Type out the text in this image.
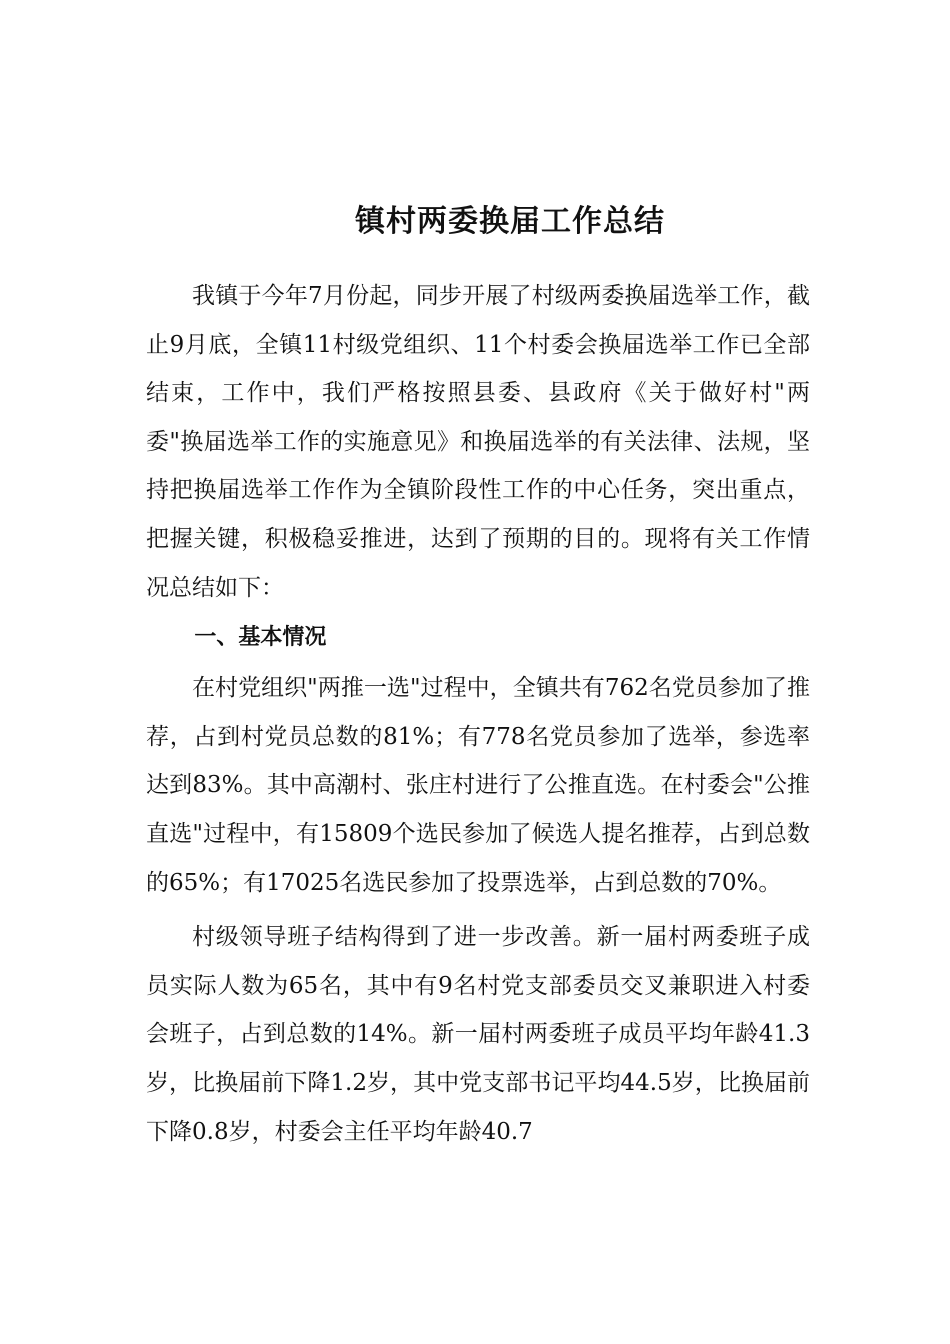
镇村两委换届工作总结

我镇于今年7月份起，同步开展了村级两委换届选举工作，截止9月底，全镇11村级党组织、11个村委会换届选举工作已全部结束，工作中，我们严格按照县委、县政府《关于做好村"两委"换届选举工作的实施意见》和换届选举的有关法律、法规，坚持把换届选举工作作为全镇阶段性工作的中心任务，突出重点，把握关键，积极稳妥推进，达到了预期的目的。现将有关工作情况总结如下：

一、基本情况

在村党组织"两推一选"过程中，全镇共有762名党员参加了推荐，占到村党员总数的81%；有778名党员参加了选举，参选率达到83%。其中高潮村、张庄村进行了公推直选。在村委会"公推直选"过程中，有15809个选民参加了候选人提名推荐，占到总数的65%；有17025名选民参加了投票选举，占到总数的70%。

村级领导班子结构得到了进一步改善。新一届村两委班子成员实际人数为65名，其中有9名村党支部委员交叉兼职进入村委会班子，占到总数的14%。新一届村两委班子成员平均年龄41.3岁，比换届前下降1.2岁，其中党支部书记平均44.5岁，比换届前下降0.8岁，村委会主任平均年龄40.7
